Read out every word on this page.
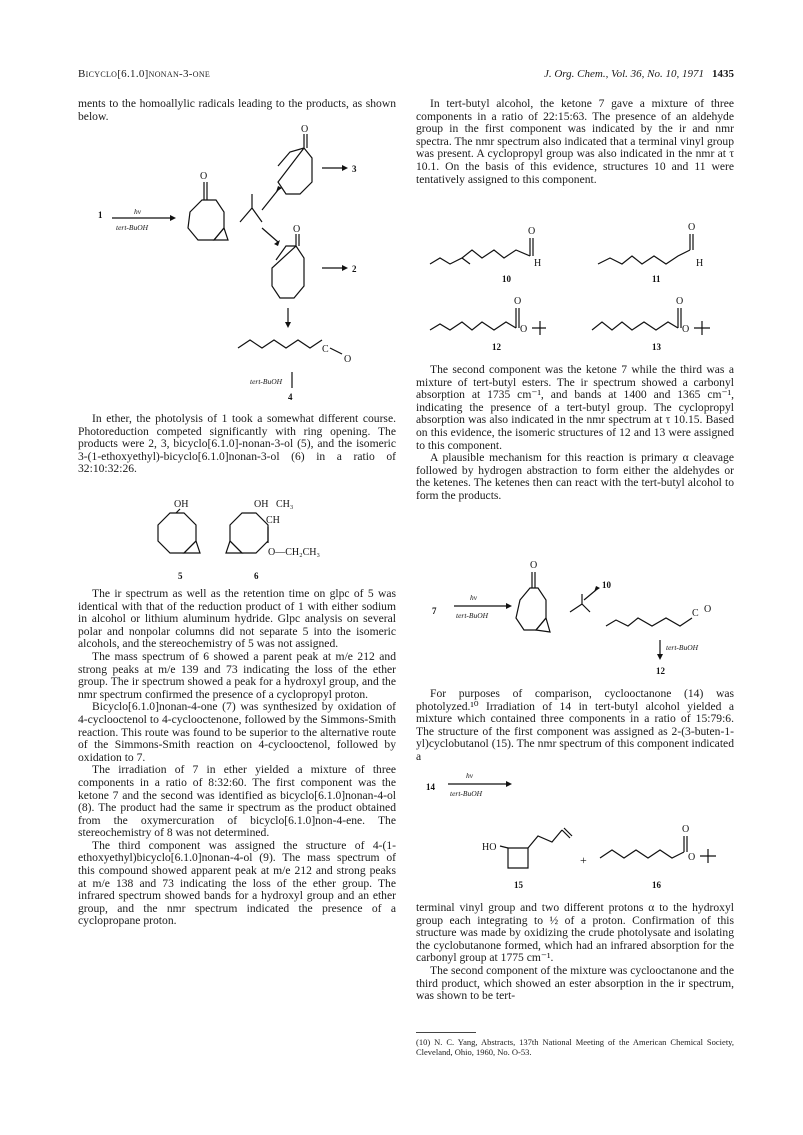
Bicyclo[6.1.0]nonan-3-one	J. Org. Chem., Vol. 36, No. 10, 1971 1435

ments to the homoallylic radicals leading to the products, as shown below.

1	hν
tert-BuOH
O
O
3
O
2
C
O
tert-BuOH
4

In ether, the photolysis of 1 took a somewhat different course. Photoreduction competed significantly with ring opening. The products were 2, 3, bicyclo[6.1.0]-nonan-3-ol (5), and the isomeric 3-(1-ethoxyethyl)-bicyclo[6.1.0]nonan-3-ol (6) in a ratio of 32:10:32:26.

OH
5
OH CH₃
CH
O—CH₂CH₃
6

The ir spectrum as well as the retention time on glpc of 5 was identical with that of the reduction product of 1 with either sodium in alcohol or lithium aluminum hydride. Glpc analysis on several polar and nonpolar columns did not separate 5 into the isomeric alcohols, and the stereochemistry of 5 was not assigned.

The mass spectrum of 6 showed a parent peak at m/e 212 and strong peaks at m/e 139 and 73 indicating the loss of the ether group. The ir spectrum showed a peak for a hydroxyl group, and the nmr spectrum confirmed the presence of a cyclopropyl proton.

Bicyclo[6.1.0]nonan-4-one (7) was synthesized by oxidation of 4-cyclooctenol to 4-cyclooctenone, followed by the Simmons-Smith reaction. This route was found to be superior to the alternative route of the Simmons-Smith reaction on 4-cyclooctenol, followed by oxidation to 7.

The irradiation of 7 in ether yielded a mixture of three components in a ratio of 8:32:60. The first component was the ketone 7 and the second was identified as bicyclo[6.1.0]nonan-4-ol (8). The product had the same ir spectrum as the product obtained from the oxymercuration of bicyclo[6.1.0]non-4-ene. The stereochemistry of 8 was not determined.

The third component was assigned the structure of 4-(1-ethoxyethyl)bicyclo[6.1.0]nonan-4-ol (9). The mass spectrum of this compound showed apparent peak at m/e 212 and strong peaks at m/e 138 and 73 indicating the loss of the ether group. The infrared spectrum showed bands for a hydroxyl group and an ether group, and the nmr spectrum indicated the presence of a cyclopropane proton.

In tert-butyl alcohol, the ketone 7 gave a mixture of three components in a ratio of 22:15:63. The presence of an aldehyde group in the first component was indicated by the ir and nmr spectra. The nmr spectrum also indicated that a terminal vinyl group was present. A cyclopropyl group was also indicated in the nmr at τ 10.1. On the basis of this evidence, structures 10 and 11 were tentatively assigned to this component.

O
H
10
O
H
11
O
O
12
O
O
13

The second component was the ketone 7 while the third was a mixture of tert-butyl esters. The ir spectrum showed a carbonyl absorption at 1735 cm⁻¹, and bands at 1400 and 1365 cm⁻¹, indicating the presence of a tert-butyl group. The cyclopropyl absorption was also indicated in the nmr spectrum at τ 10.15. Based on this evidence, the isomeric structures of 12 and 13 were assigned to this component.

A plausible mechanism for this reaction is primary α cleavage followed by hydrogen abstraction to form either the aldehydes or the ketenes. The ketenes then can react with the tert-butyl alcohol to form the products.

7
hν
tert-BuOH
O
10
C O
tert-BuOH
12

For purposes of comparison, cyclooctanone (14) was photolyzed.¹⁰ Irradiation of 14 in tert-butyl alcohol yielded a mixture which contained three components in a ratio of 15:79:6. The structure of the first component was assigned as 2-(3-buten-1-yl)cyclobutanol (15). The nmr spectrum of this component indicated a

14
hν
tert-BuOH
HO
15
+
O
O
16

terminal vinyl group and two different protons α to the hydroxyl group each integrating to ½ of a proton. Confirmation of this structure was made by oxidizing the crude photolysate and isolating the cyclobutanone formed, which had an infrared absorption for the carbonyl group at 1775 cm⁻¹.

The second component of the mixture was cyclooctanone and the third product, which showed an ester absorption in the ir spectrum, was shown to be tert-

(10) N. C. Yang, Abstracts, 137th National Meeting of the American Chemical Society, Cleveland, Ohio, 1960, No. O-53.
